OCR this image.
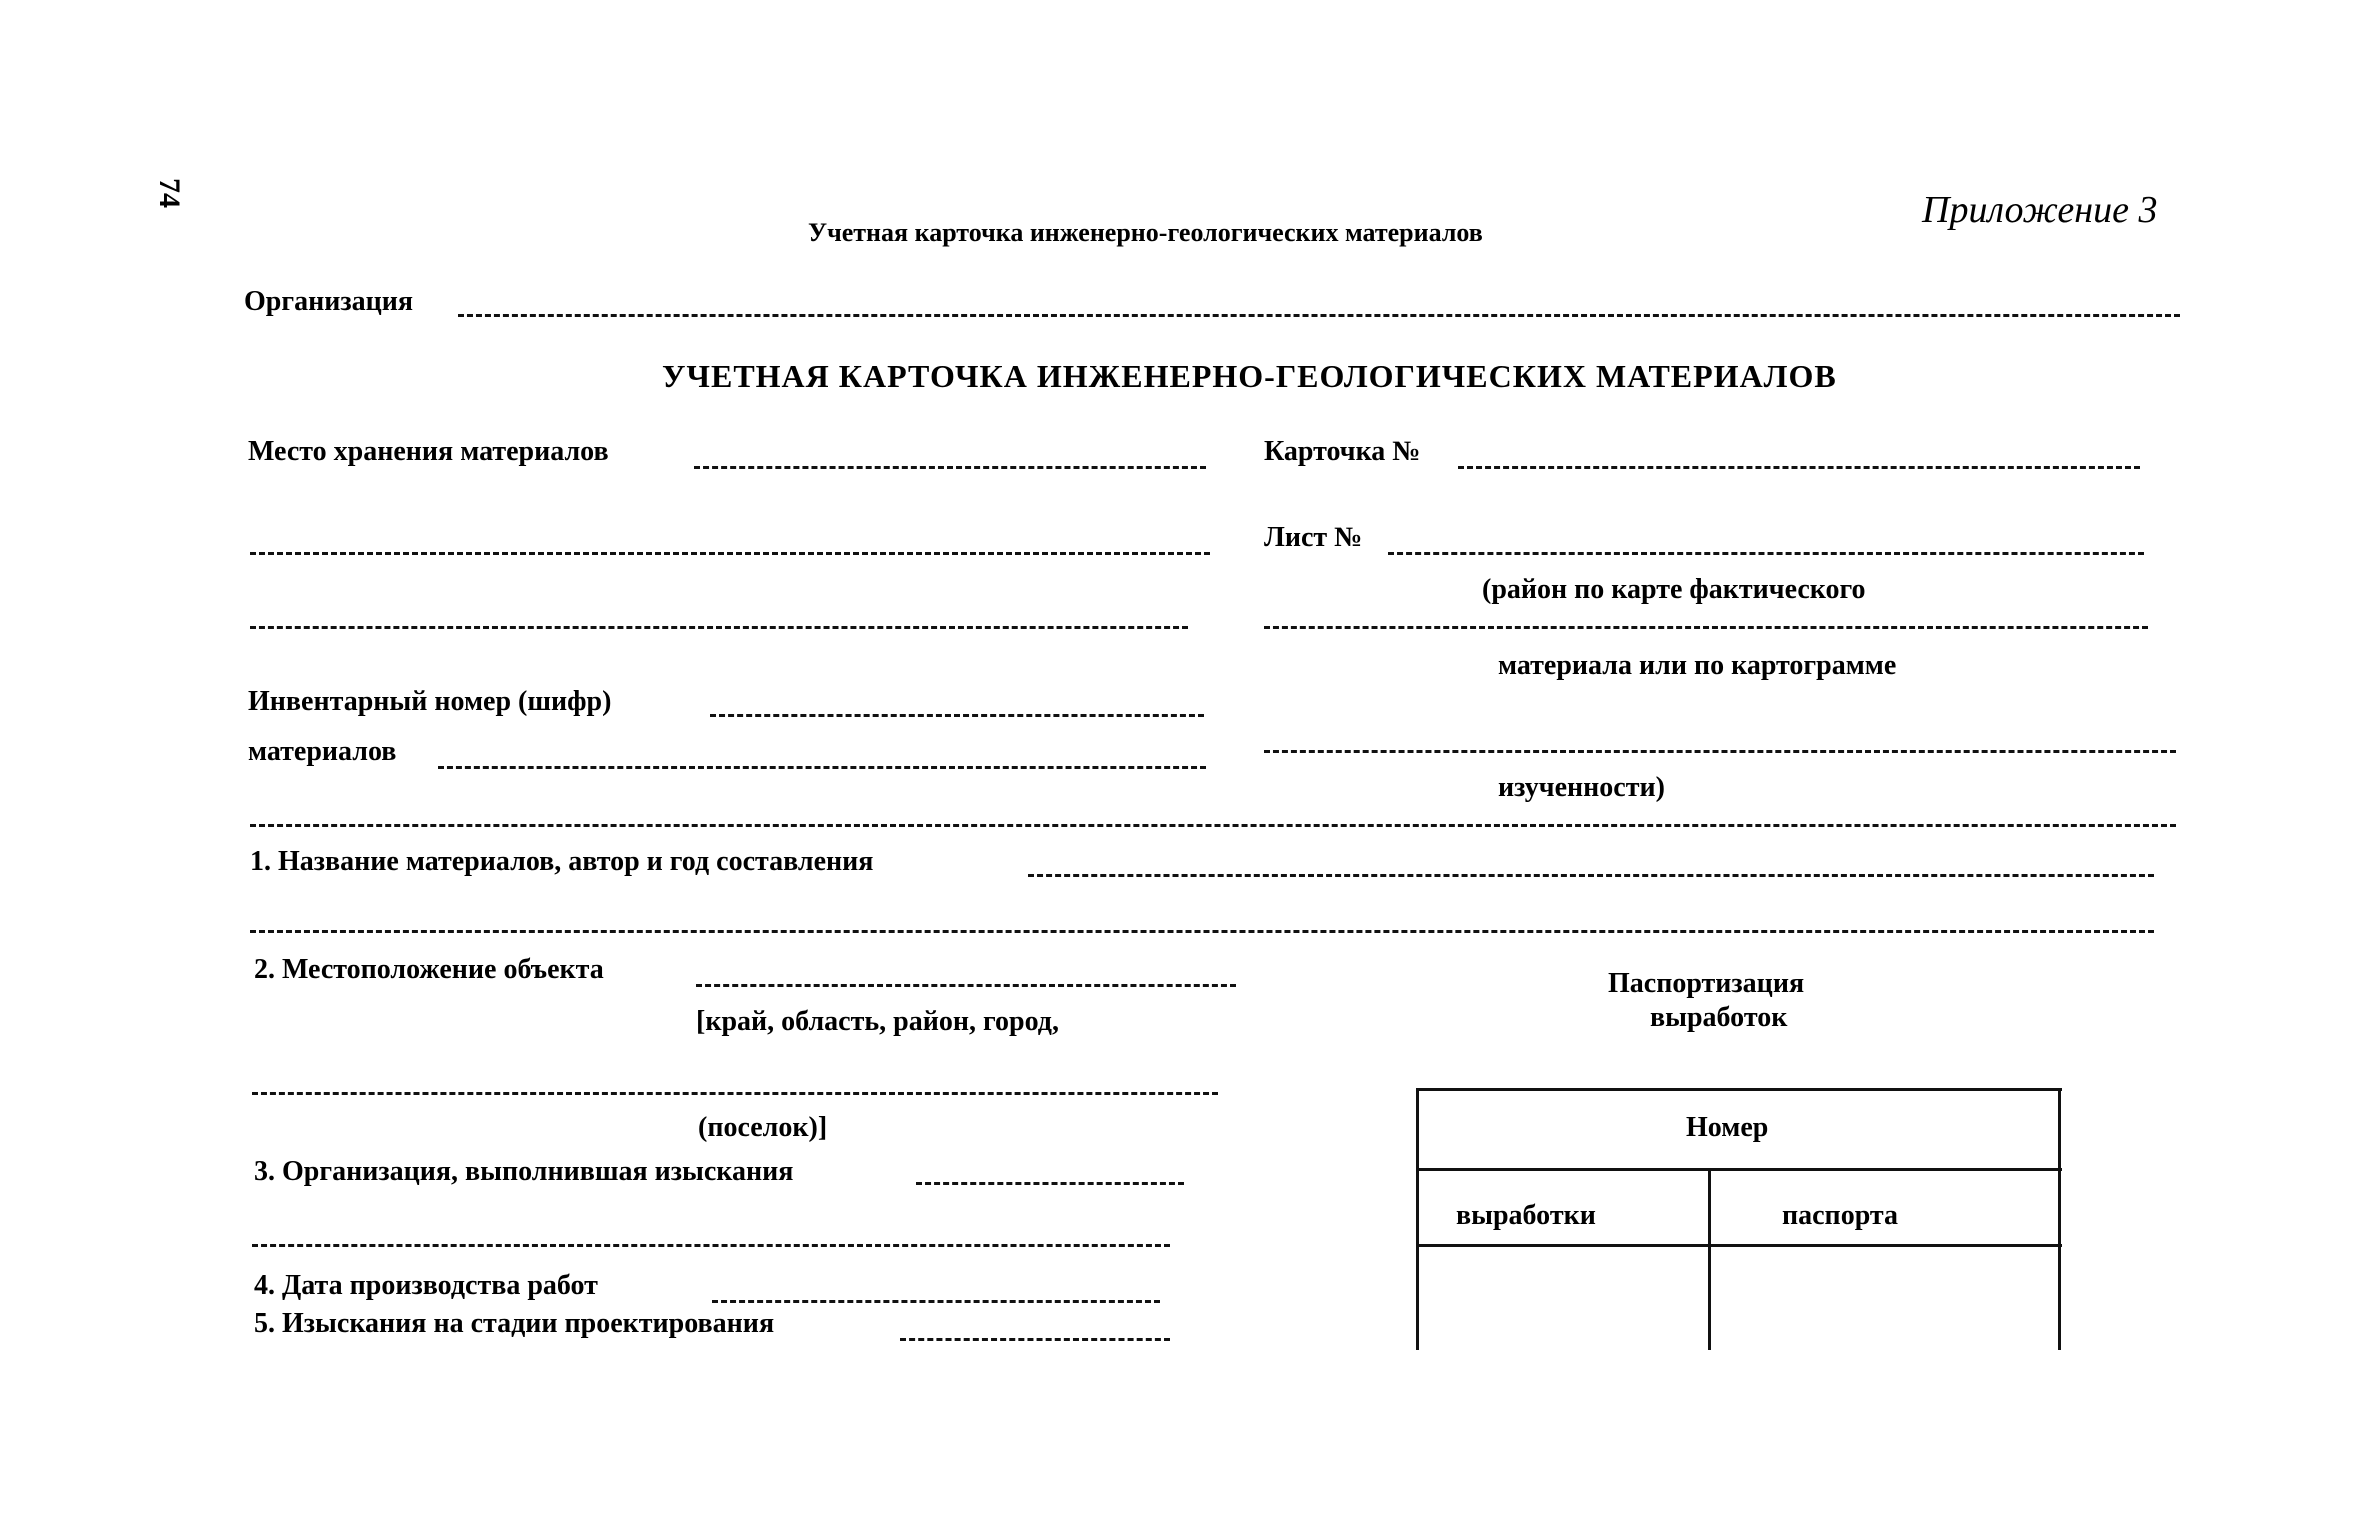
74	Приложение 3
Учетная карточка инженерно-геологических материалов
Организация
УЧЕТНАЯ КАРТОЧКА ИНЖЕНЕРНО-ГЕОЛОГИЧЕСКИХ МАТЕРИАЛОВ
Место хранения материалов
Инвентарный номер (шифр)
материалов
Карточка №
Лист №
(район по карте фактического
материала или по картограмме
изученности)
1. Название материалов, автор и год составления
2. Местоположение объекта
[край, область, район, город,
(поселок)]
3. Организация, выполнившая изыскания
4. Дата производства работ
5. Изыскания на стадии проектирования
Паспортизация
выработок
Номер
выработки	паспорта
